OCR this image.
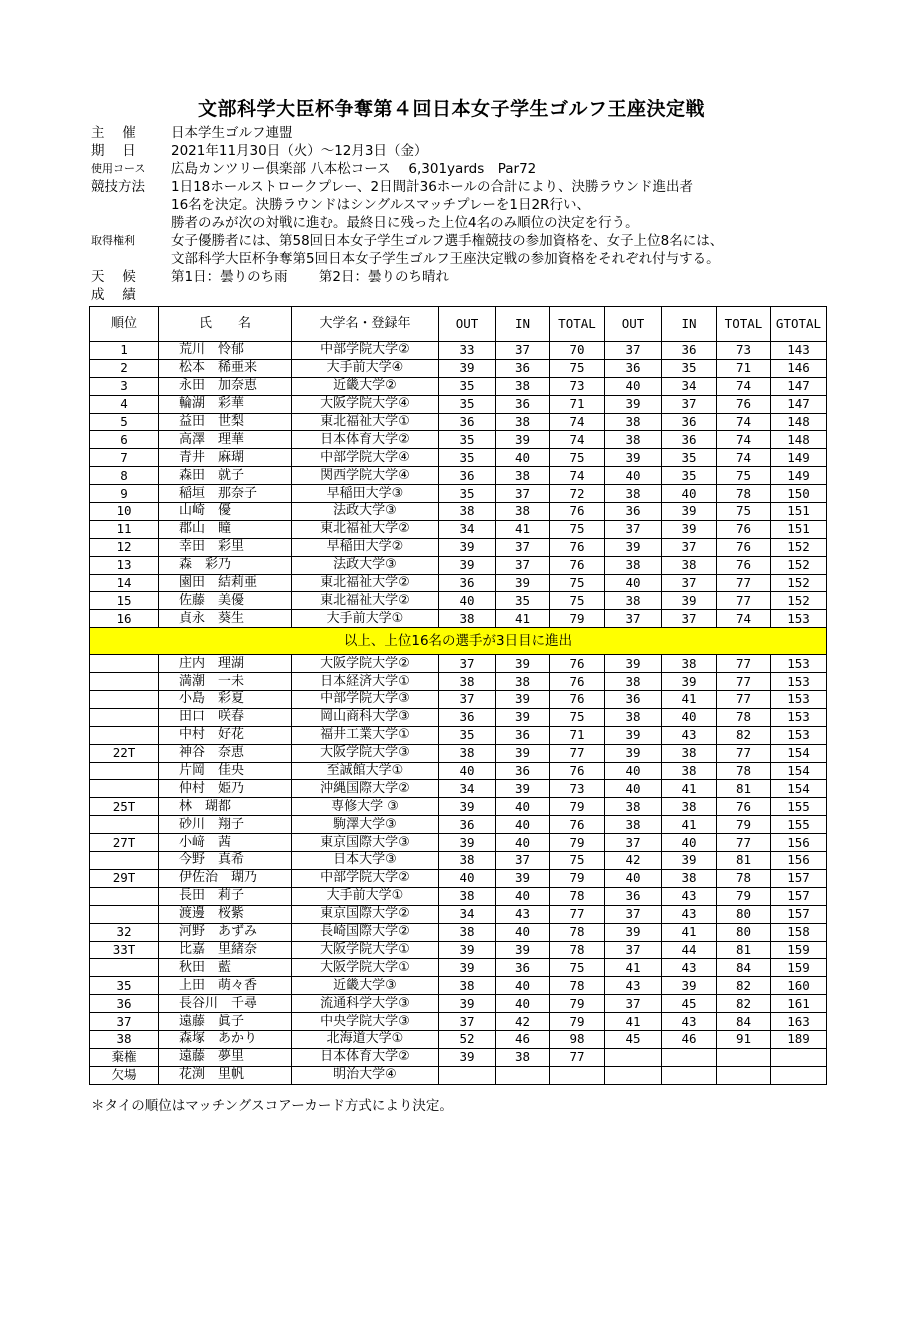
文部科学大臣杯争奪第４回日本女子学生ゴルフ王座決定戦
主　 催	日本学生ゴルフ連盟
期　 日	2021年11月30日（火）～12月3日（金）
使用コース	広島カンツリー倶楽部 八本松コース　 6,301yards　Par72
競技方法	1日18ホールストロークプレー、2日間計36ホールの合計により、決勝ラウンド進出者
16名を決定。決勝ラウンドはシングルスマッチプレーを1日2R行い、
勝者のみが次の対戦に進む。最終日に残った上位4名のみ順位の決定を行う。
取得権利	女子優勝者には、第58回日本女子学生ゴルフ選手権競技の参加資格を、女子上位8名には、
文部科学大臣杯争奪第5回日本女子学生ゴルフ王座決定戦の参加資格をそれぞれ付与する。
天　 候	第1日：曇りのち雨　　 第2日：曇りのち晴れ
成　 績
順位	氏　　名	大学名・登録年	OUT	IN	TOTAL	OUT	IN	TOTAL	GTOTAL
1	荒川　怜郁	中部学院大学②	33	37	70	37	36	73	143
2	松本　稀亜来	大手前大学④	39	36	75	36	35	71	146
3	永田　加奈恵	近畿大学②	35	38	73	40	34	74	147
4	輪湖　彩華	大阪学院大学④	35	36	71	39	37	76	147
5	益田　世梨	東北福祉大学①	36	38	74	38	36	74	148
6	高澤　理華	日本体育大学②	35	39	74	38	36	74	148
7	青井　麻瑚	中部学院大学④	35	40	75	39	35	74	149
8	森田　就子	関西学院大学④	36	38	74	40	35	75	149
9	稲垣　那奈子	早稲田大学③	35	37	72	38	40	78	150
10	山崎　優	法政大学③	38	38	76	36	39	75	151
11	郡山　瞳	東北福祉大学②	34	41	75	37	39	76	151
12	幸田　彩里	早稲田大学②	39	37	76	39	37	76	152
13	森　彩乃	法政大学③	39	37	76	38	38	76	152
14	園田　結莉亜	東北福祉大学②	36	39	75	40	37	77	152
15	佐藤　美優	東北福祉大学②	40	35	75	38	39	77	152
16	貞永　葵生	大手前大学①	38	41	79	37	37	74	153
以上、上位16名の選手が3日目に進出									
	庄内　理湖	大阪学院大学②	37	39	76	39	38	77	153
	満潮　一未	日本経済大学①	38	38	76	38	39	77	153
	小島　彩夏	中部学院大学③	37	39	76	36	41	77	153
	田口　咲春	岡山商科大学③	36	39	75	38	40	78	153
	中村　好花	福井工業大学①	35	36	71	39	43	82	153
22T	神谷　奈恵	大阪学院大学③	38	39	77	39	38	77	154
	片岡　佳央	至誠館大学①	40	36	76	40	38	78	154
	仲村　姫乃	沖縄国際大学②	34	39	73	40	41	81	154
25T	林　瑚都	専修大学 ③	39	40	79	38	38	76	155
	砂川　翔子	駒澤大学③	36	40	76	38	41	79	155
27T	小﨑　茜	東京国際大学③	39	40	79	37	40	77	156
	今野　真希	日本大学③	38	37	75	42	39	81	156
29T	伊佐治　瑚乃	中部学院大学②	40	39	79	40	38	78	157
	長田　莉子	大手前大学①	38	40	78	36	43	79	157
	渡邊　桜紫	東京国際大学②	34	43	77	37	43	80	157
32	河野　あずみ	長崎国際大学②	38	40	78	39	41	80	158
33T	比嘉　里緒奈	大阪学院大学①	39	39	78	37	44	81	159
	秋田　藍	大阪学院大学①	39	36	75	41	43	84	159
35	上田　萌々香	近畿大学③	38	40	78	43	39	82	160
36	長谷川　千尋	流通科学大学③	39	40	79	37	45	82	161
37	遠藤　眞子	中央学院大学③	37	42	79	41	43	84	163
38	森塚　あかり	北海道大学①	52	46	98	45	46	91	189
棄権	遠藤　夢里	日本体育大学②	39	38	77				
欠場	花渕　里帆	明治大学④							
＊タイの順位はマッチングスコアーカード方式により決定。
